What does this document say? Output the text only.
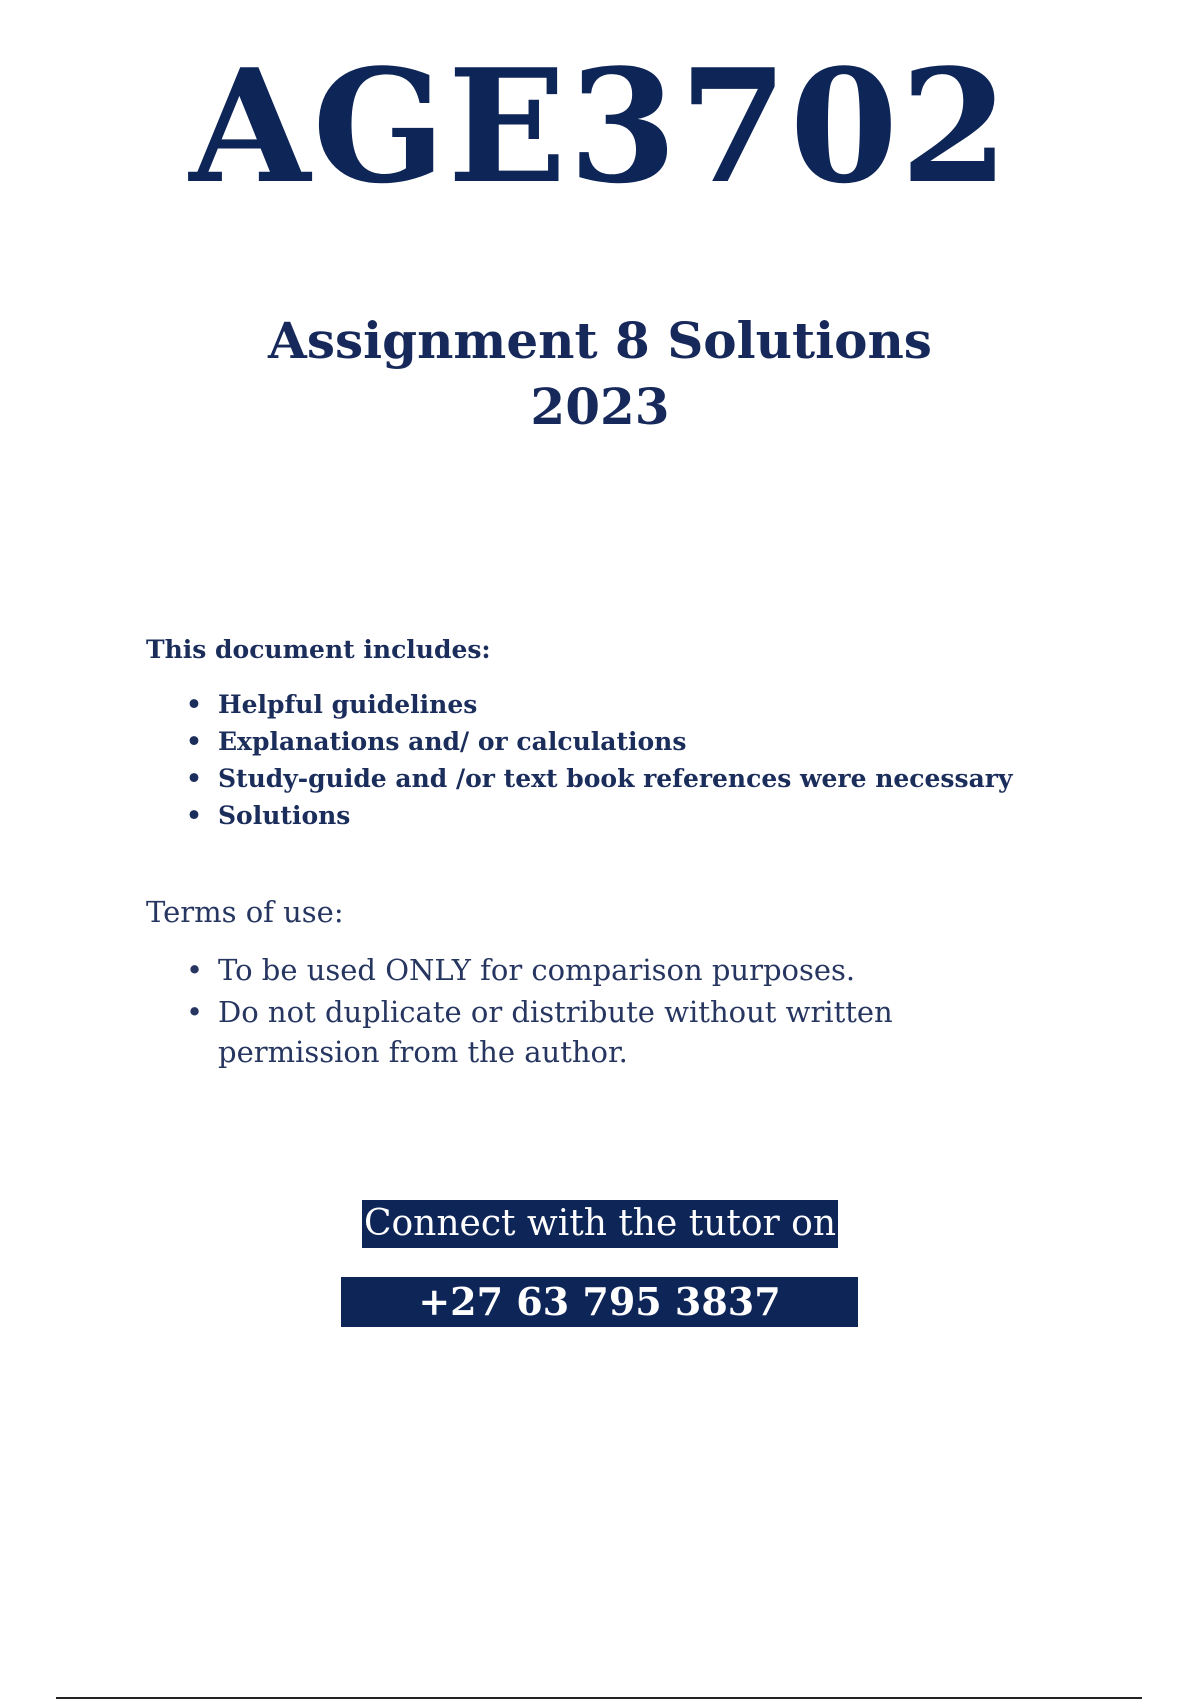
AGE3702
Assignment 8 Solutions
2023
This document includes:
• Helpful guidelines
• Explanations and/ or calculations
• Study-guide and /or text book references were necessary
• Solutions
Terms of use:
• To be used ONLY for comparison purposes.
• Do not duplicate or distribute without written permission from the author.
Connect with the tutor on
+27 63 795 3837
